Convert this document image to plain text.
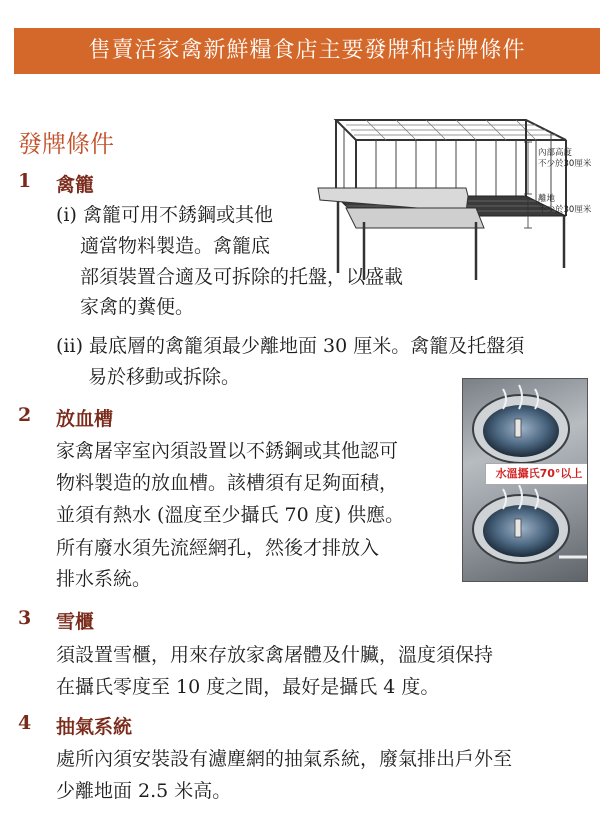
售賣活家禽新鮮糧食店主要發牌和持牌條件
發牌條件	內部高度
不少於30厘米
離地
不少於30厘米
1 禽籠
(i) 禽籠可用不銹鋼或其他
適當物料製造。禽籠底
部須裝置合適及可拆除的托盤，以盛載
家禽的糞便。
(ii) 最底層的禽籠須最少離地面 30 厘米。禽籠及托盤須
易於移動或拆除。
2 放血槽
家禽屠宰室內須設置以不銹鋼或其他認可
物料製造的放血槽。該槽須有足夠面積，
並須有熱水 (溫度至少攝氏 70 度) 供應。
所有廢水須先流經網孔，然後才排放入
排水系統。
水溫攝氏70°以上
3 雪櫃
須設置雪櫃，用來存放家禽屠體及什臟，溫度須保持
在攝氏零度至 10 度之間，最好是攝氏 4 度。
4 抽氣系統
處所內須安裝設有濾塵網的抽氣系統，廢氣排出戶外至
少離地面 2.5 米高。
